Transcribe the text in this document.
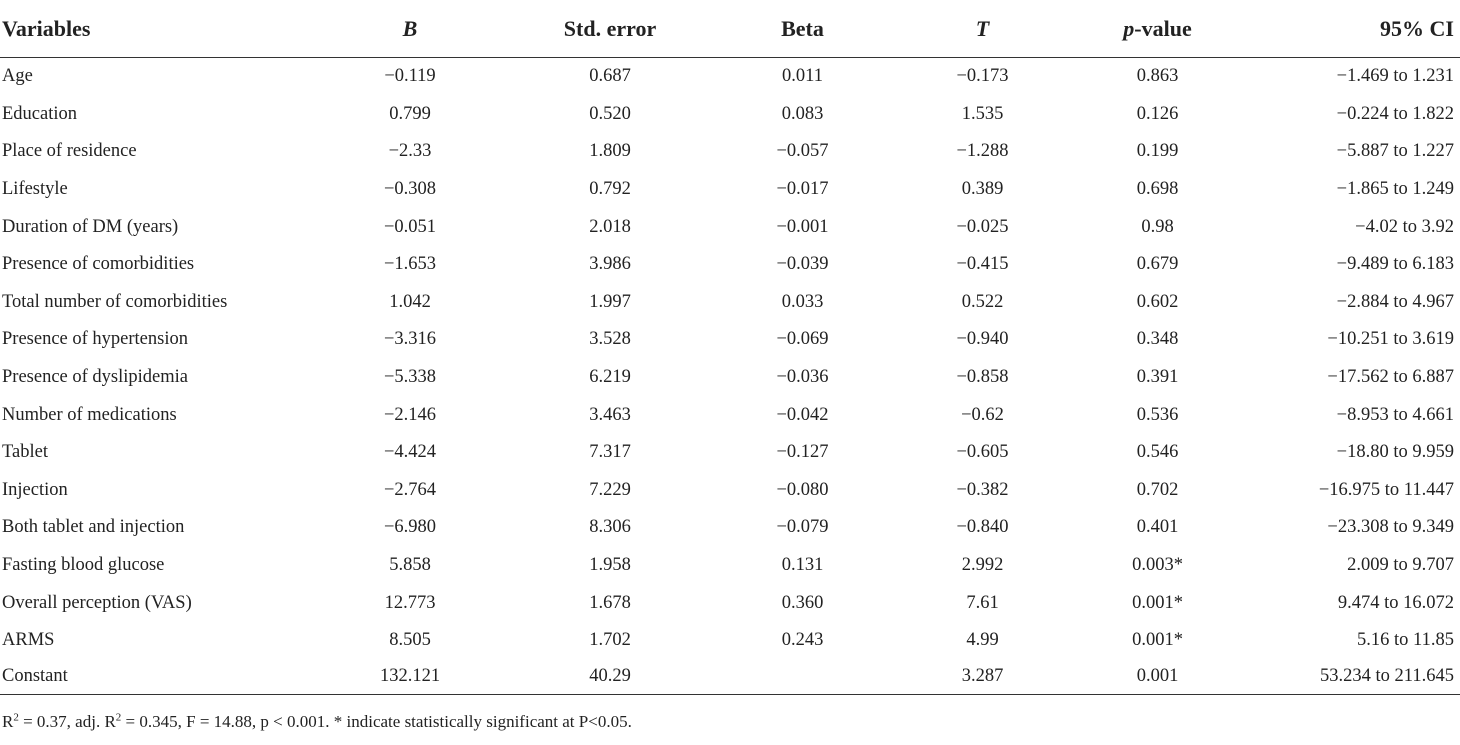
Variables	B	Std. error	Beta	T	p-value	95% CI
Age	−0.119	0.687	0.011	−0.173	0.863	−1.469 to 1.231
Education	0.799	0.520	0.083	1.535	0.126	−0.224 to 1.822
Place of residence	−2.33	1.809	−0.057	−1.288	0.199	−5.887 to 1.227
Lifestyle	−0.308	0.792	−0.017	0.389	0.698	−1.865 to 1.249
Duration of DM (years)	−0.051	2.018	−0.001	−0.025	0.98	−4.02 to 3.92
Presence of comorbidities	−1.653	3.986	−0.039	−0.415	0.679	−9.489 to 6.183
Total number of comorbidities	1.042	1.997	0.033	0.522	0.602	−2.884 to 4.967
Presence of hypertension	−3.316	3.528	−0.069	−0.940	0.348	−10.251 to 3.619
Presence of dyslipidemia	−5.338	6.219	−0.036	−0.858	0.391	−17.562 to 6.887
Number of medications	−2.146	3.463	−0.042	−0.62	0.536	−8.953 to 4.661
Tablet	−4.424	7.317	−0.127	−0.605	0.546	−18.80 to 9.959
Injection	−2.764	7.229	−0.080	−0.382	0.702	−16.975 to 11.447
Both tablet and injection	−6.980	8.306	−0.079	−0.840	0.401	−23.308 to 9.349
Fasting blood glucose	5.858	1.958	0.131	2.992	0.003*	2.009 to 9.707
Overall perception (VAS)	12.773	1.678	0.360	7.61	0.001*	9.474 to 16.072
ARMS	8.505	1.702	0.243	4.99	0.001*	5.16 to 11.85
Constant	132.121	40.29		3.287	0.001	53.234 to 211.645
$R^2 = 0.37$, adj. $R^2 = 0.345$, F = 14.88, p < 0.001. * indicate statistically significant at P<0.05.
